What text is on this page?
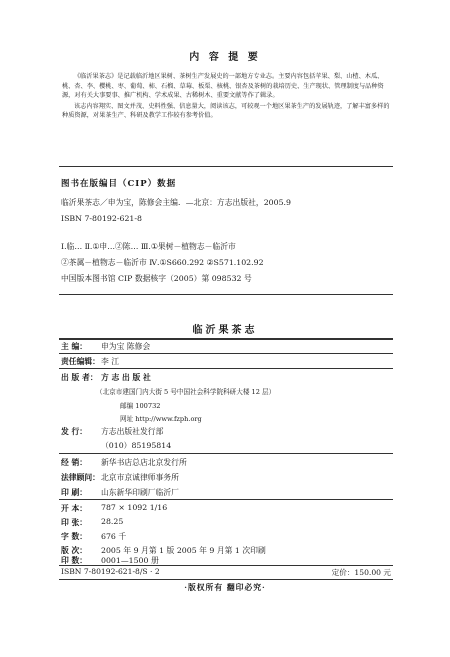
内 容 提 要

《临沂果茶志》是记载临沂地区果树、茶树生产发展史的一部地方专业志。主要内容包括苹果、梨、山楂、木瓜、桃、杏、李、樱桃、枣、葡萄、柿、石榴、草莓、板栗、核桃、银杏及茶树的栽培历史、生产现状、管理制度与品种资源，对有关大事要事、推广机构、学术成果、古稀树木、重要文献等作了辑录。

该志内容翔实、图文并茂、史料性强、信息量大，阅读该志，可较观一个地区果茶生产的发展轨迹，了解丰富多样的种质资源，对果茶生产、科研及教学工作较有参考价值。

图书在版编目（CIP）数据
临沂果茶志／申为宝，陈修会主编．—北京：方志出版社，2005.9
ISBN 7-80192-621-8
Ⅰ.临… Ⅱ.①申…②陈… Ⅲ.①果树－植物志－临沂市
②茶属－植物志－临沂市 Ⅳ.①S660.292 ②S571.102.92
中国版本图书馆 CIP 数据核字（2005）第 098532 号
临沂果茶志
主 编： 申为宝 陈修会
责任编辑： 李 江
出 版 者： 方 志 出 版 社
（北京市建国门内大街 5 号中国社会科学院科研大楼 12 层）
邮编 100732
网址 http://www.fzph.org
发 行： 方志出版社发行部
（010）85195814
经 销： 新华书店总店北京发行所
法律顾问： 北京市京诚律师事务所
印 刷： 山东新华印刷厂临沂厂
开 本： 787 × 1092 1/16
印 张： 28.25
字 数： 676 千
版 次： 2005 年 9 月第 1 版 2005 年 9 月第 1 次印刷
印 数： 0001—1500 册
ISBN 7-80192-621-8/S · 2	定价：150.00 元
·版权所有 翻印必究·
